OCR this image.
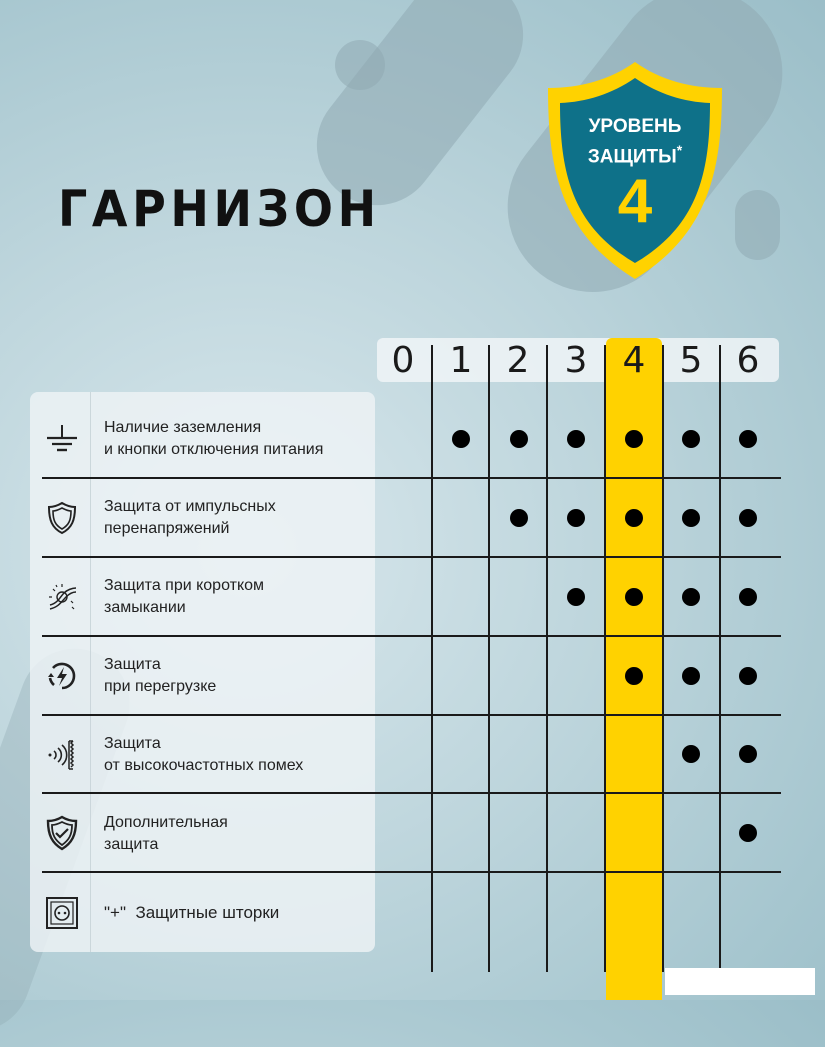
ГАРНИЗОН
УРОВЕНЬ
ЗАЩИТЫ*
4
0 1 2 3 4 5 6
Наличие заземления
и кнопки отключения питания
Защита от импульсных
перенапряжений
Защита при коротком
замыкании
Защита
при перегрузке
Защита
от высокочастотных помех
Дополнительная
защита
"+"  Защитные шторки
